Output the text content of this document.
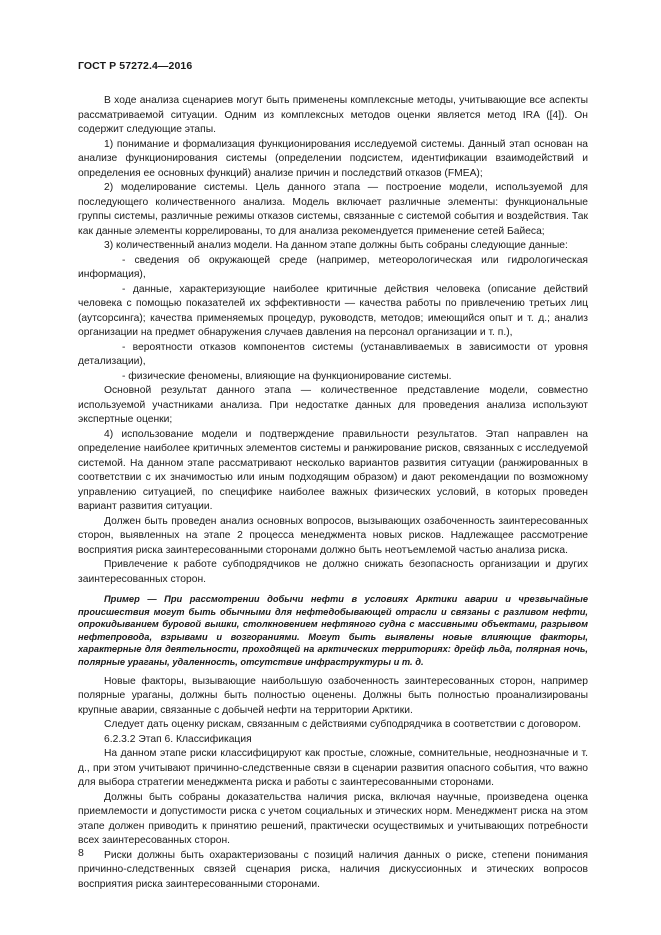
ГОСТ Р 57272.4—2016

В ходе анализа сценариев могут быть применены комплексные методы, учитывающие все аспекты рассматриваемой ситуации. Одним из комплексных методов оценки является метод IRA ([4]). Он содержит следующие этапы.

1) понимание и формализация функционирования исследуемой системы. Данный этап основан на анализе функционирования системы (определении подсистем, идентификации взаимодействий и определения ее основных функций) анализе причин и последствий отказов (FMEA);

2) моделирование системы. Цель данного этапа — построение модели, используемой для последующего количественного анализа. Модель включает различные элементы: функциональные группы системы, различные режимы отказов системы, связанные с системой события и воздействия. Так как данные элементы коррелированы, то для анализа рекомендуется применение сетей Байеса;

3) количественный анализ модели. На данном этапе должны быть собраны следующие данные:

- сведения об окружающей среде (например, метеорологическая или гидрологическая информация),

- данные, характеризующие наиболее критичные действия человека (описание действий человека с помощью показателей их эффективности — качества работы по привлечению третьих лиц (аутсорсинга); качества применяемых процедур, руководств, методов; имеющийся опыт и т. д.; анализ организации на предмет обнаружения случаев давления на персонал организации и т. п.),

- вероятности отказов компонентов системы (устанавливаемых в зависимости от уровня детализации),

- физические феномены, влияющие на функционирование системы.

Основной результат данного этапа — количественное представление модели, совместно используемой участниками анализа. При недостатке данных для проведения анализа используют экспертные оценки;

4) использование модели и подтверждение правильности результатов. Этап направлен на определение наиболее критичных элементов системы и ранжирование рисков, связанных с исследуемой системой. На данном этапе рассматривают несколько вариантов развития ситуации (ранжированных в соответствии с их значимостью или иным подходящим образом) и дают рекомендации по возможному управлению ситуацией, по специфике наиболее важных физических условий, в которых проведен вариант развития ситуации.

Должен быть проведен анализ основных вопросов, вызывающих озабоченность заинтересованных сторон, выявленных на этапе 2 процесса менеджмента новых рисков. Надлежащее рассмотрение восприятия риска заинтересованными сторонами должно быть неотъемлемой частью анализа риска.

Привлечение к работе субподрядчиков не должно снижать безопасность организации и других заинтересованных сторон.

Пример — При рассмотрении добычи нефти в условиях Арктики аварии и чрезвычайные происшествия могут быть обычными для нефтедобывающей отрасли и связаны с разливом нефти, опрокидыванием буровой вышки, столкновением нефтяного судна с массивными объектами, разрывом нефтепровода, взрывами и возгораниями. Могут быть выявлены новые влияющие факторы, характерные для деятельности, проходящей на арктических территориях: дрейф льда, полярная ночь, полярные ураганы, удаленность, отсутствие инфраструктуры и т. д.

Новые факторы, вызывающие наибольшую озабоченность заинтересованных сторон, например полярные ураганы, должны быть полностью оценены. Должны быть полностью проанализированы крупные аварии, связанные с добычей нефти на территории Арктики.

Следует дать оценку рискам, связанным с действиями субподрядчика в соответствии с договором.

6.2.3.2 Этап 6. Классификация

На данном этапе риски классифицируют как простые, сложные, сомнительные, неоднозначные и т. д., при этом учитывают причинно-следственные связи в сценарии развития опасного события, что важно для выбора стратегии менеджмента риска и работы с заинтересованными сторонами.

Должны быть собраны доказательства наличия риска, включая научные, произведена оценка приемлемости и допустимости риска с учетом социальных и этических норм. Менеджмент риска на этом этапе должен приводить к принятию решений, практически осуществимых и учитывающих потребности всех заинтересованных сторон.

Риски должны быть охарактеризованы с позиций наличия данных о риске, степени понимания причинно-следственных связей сценария риска, наличия дискуссионных и этических вопросов восприятия риска заинтересованными сторонами.

8
